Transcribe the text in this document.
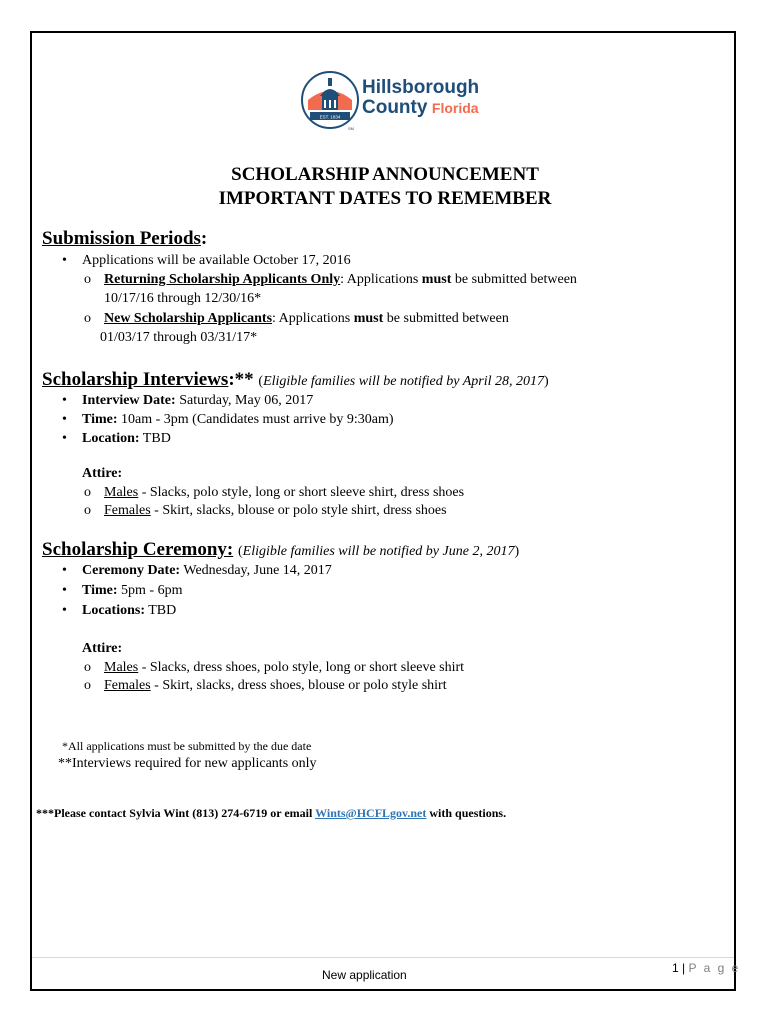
EST. 1834
SM
Hillsborough
County Florida
SCHOLARSHIP ANNOUNCEMENT
IMPORTANT DATES TO REMEMBER
Submission Periods:
• Applications will be available October 17, 2016
o Returning Scholarship Applicants Only: Applications must be submitted between
10/17/16 through 12/30/16*
o New Scholarship Applicants: Applications must be submitted between
01/03/17 through 03/31/17*
Scholarship Interviews:** (Eligible families will be notified by April 28, 2017)
• Interview Date: Saturday, May 06, 2017
• Time: 10am - 3pm (Candidates must arrive by 9:30am)
• Location: TBD
Attire:
o Males - Slacks, polo style, long or short sleeve shirt, dress shoes
o Females - Skirt, slacks, blouse or polo style shirt, dress shoes
Scholarship Ceremony: (Eligible families will be notified by June 2, 2017)
• Ceremony Date: Wednesday, June 14, 2017
• Time: 5pm - 6pm
• Locations: TBD
Attire:
o Males - Slacks, dress shoes, polo style, long or short sleeve shirt
o Females - Skirt, slacks, dress shoes, blouse or polo style shirt
*All applications must be submitted by the due date
**Interviews required for new applicants only
***Please contact Sylvia Wint (813) 274-6719 or email Wints@HCFLgov.net with questions.
New application	1 | P a g e
